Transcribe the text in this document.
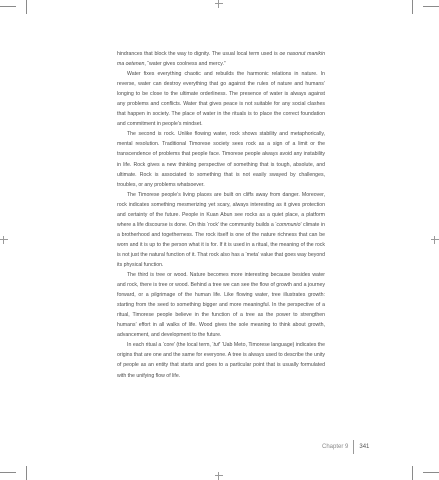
hindrances that block the way to dignity. The usual local term used is oe nasonut manikin ma oetenen, “water gives coolness and mercy.”

Water fixes everything chaotic and rebuilds the harmonic relations in nature. In reverse, water can destroy everything that go against the rules of nature and humans’ longing to be close to the ultimate orderliness. The presence of water is always against any problems and conflicts. Water that gives peace is not suitable for any social clashes that happen in society. The place of water in the rituals is to place the correct foundation and commitment in people’s mindset.

The second is rock. Unlike flowing water, rock shows stability and metaphorically, mental resolution. Traditional Timorese society sees rock as a sign of a limit or the transcendence of problems that people face. Timorese people always avoid any instability in life. Rock gives a new thinking perspective of something that is tough, absolute, and ultimate. Rock is associated to something that is not easily swayed by challenges, troubles, or any problems whatsoever.

The Timorese people’s living places are built on cliffs away from danger. Moreover, rock indicates something mesmerizing yet scary, always interesting as it gives protection and certainty of the future. People in Kuan Abun see rocks as a quiet place, a platform where a life discourse is done. On this ‘rock’ the community builds a ‘communio’ climate in a brotherhood and togetherness. The rock itself is one of the nature richness that can be worn and it is up to the person what it is for. If it is used in a ritual, the meaning of the rock is not just the natural function of it. That rock also has a ‘meta’ value that goes way beyond its physical function.

The third is tree or wood. Nature becomes more interesting because besides water and rock, there is tree or wood. Behind a tree we can see the flow of growth and a journey forward, or a pilgrimage of the human life. Like flowing water, tree illustrates growth: starting from the seed to something bigger and more meaningful. In the perspective of a ritual, Timorese people believe in the function of a tree as the power to strengthen humans’ effort in all walks of life. Wood gives the sole meaning to think about growth, advancement, and development to the future.

In each ritual a ‘core’ (the local term, ‘tuf’ ‘Uab Meto, Timorese language) indicates the origins that are one and the same for everyone. A tree is always used to describe the unity of people as an entity that starts and goes to a particular point that is usually formulated with the unifying flow of life.

Chapter 9 341
